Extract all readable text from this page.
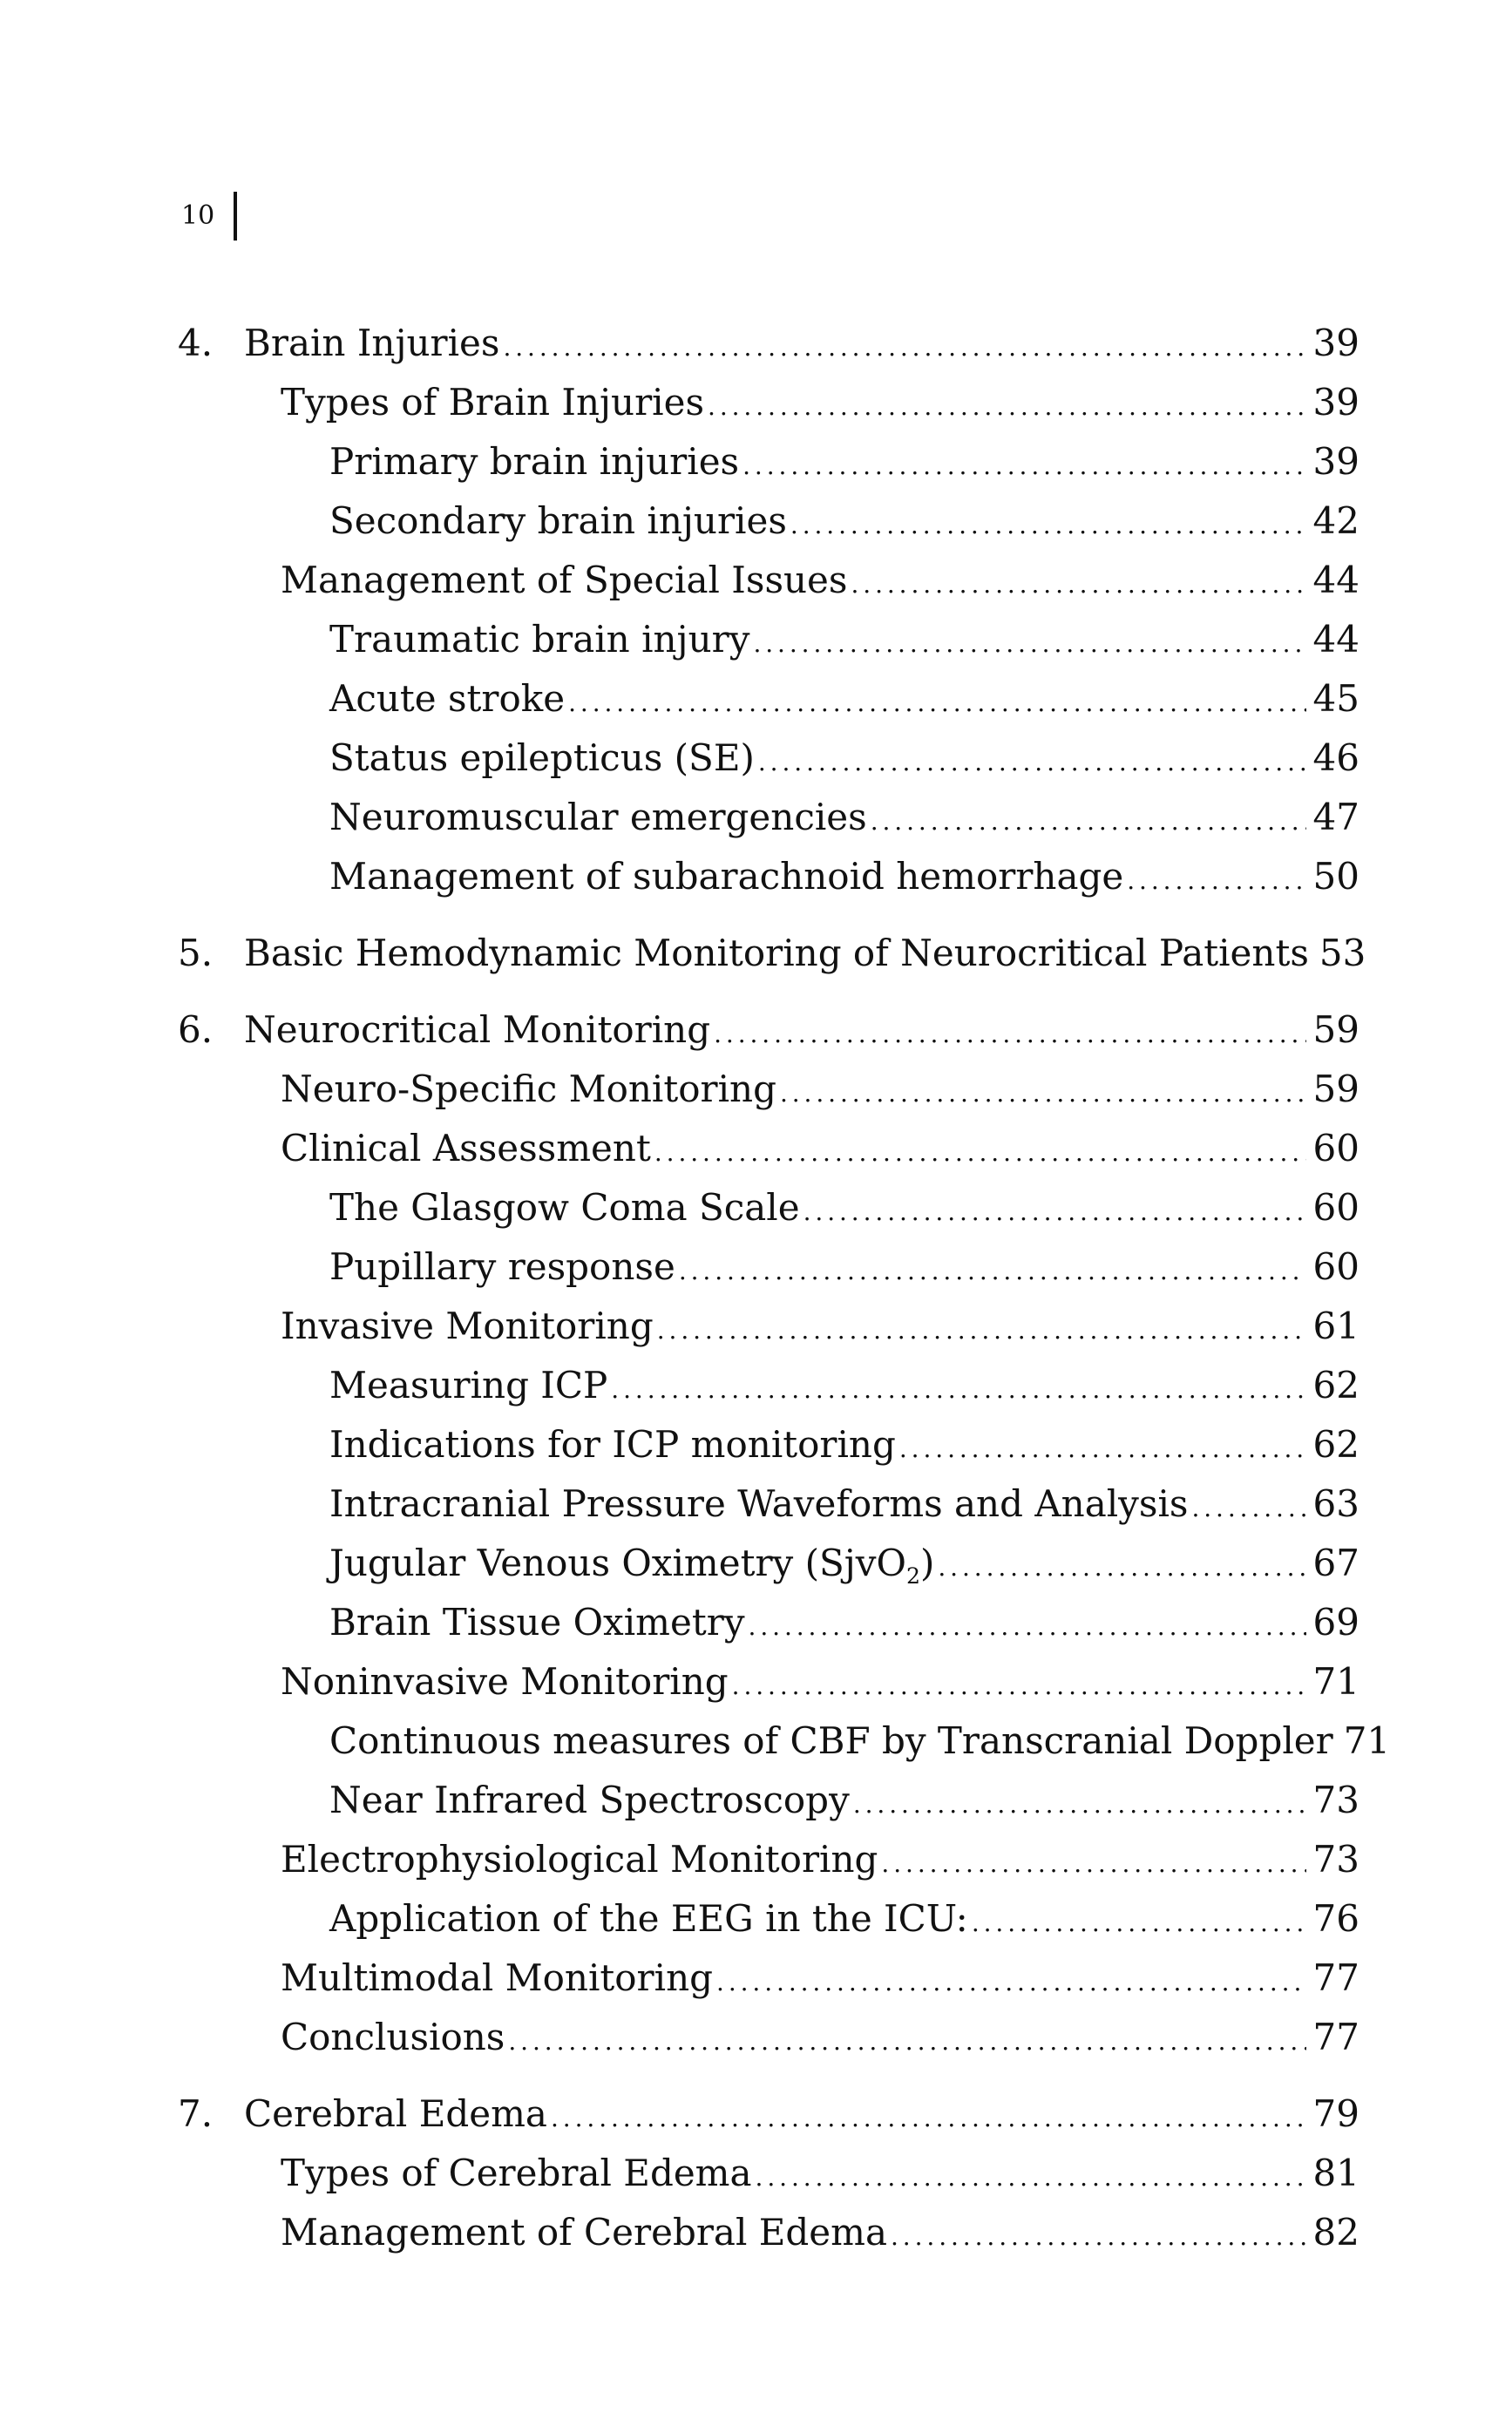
10
4. Brain Injuries . . .	39
Types of Brain Injuries . . .	39
Primary brain injuries . . .	39
Secondary brain injuries . . .	42
Management of Special Issues . . .	44
Traumatic brain injury . . .	44
Acute stroke . . .	45
Status epilepticus (SE) . . .	46
Neuromuscular emergencies . . .	47
Management of subarachnoid hemorrhage . . .	50
5. Basic Hemodynamic Monitoring of Neurocritical Patients 53
6. Neurocritical Monitoring . . .	59
Neuro-Specific Monitoring . . .	59
Clinical Assessment . . .	60
The Glasgow Coma Scale . . .	60
Pupillary response . . .	60
Invasive Monitoring . . .	61
Measuring ICP . . .	62
Indications for ICP monitoring . . .	62
Intracranial Pressure Waveforms and Analysis . . .	63
Jugular Venous Oximetry (SjvO$_2$) . . .	67
Brain Tissue Oximetry . . .	69
Noninvasive Monitoring . . .	71
Continuous measures of CBF by Transcranial Doppler 71
Near Infrared Spectroscopy . . .	73
Electrophysiological Monitoring . . .	73
Application of the EEG in the ICU: . . .	76
Multimodal Monitoring . . .	77
Conclusions . . .	77
7. Cerebral Edema . . .	79
Types of Cerebral Edema . . .	81
Management of Cerebral Edema . . .	82
